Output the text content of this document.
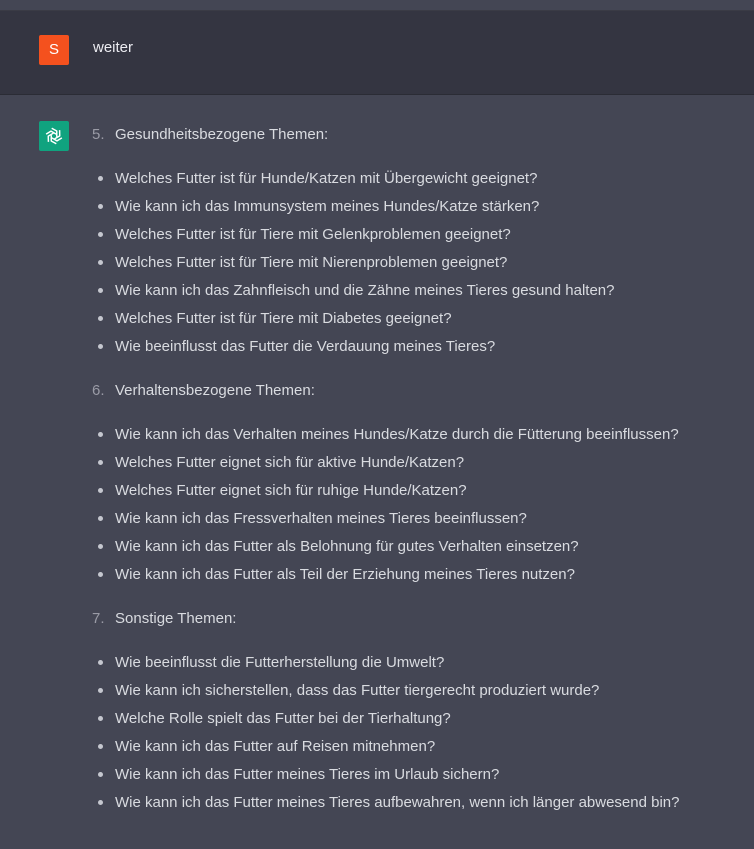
S	weiter
5. Gesundheitsbezogene Themen:
Welches Futter ist für Hunde/Katzen mit Übergewicht geeignet?
Wie kann ich das Immunsystem meines Hundes/Katze stärken?
Welches Futter ist für Tiere mit Gelenkproblemen geeignet?
Welches Futter ist für Tiere mit Nierenproblemen geeignet?
Wie kann ich das Zahnfleisch und die Zähne meines Tieres gesund halten?
Welches Futter ist für Tiere mit Diabetes geeignet?
Wie beeinflusst das Futter die Verdauung meines Tieres?
6. Verhaltensbezogene Themen:
Wie kann ich das Verhalten meines Hundes/Katze durch die Fütterung beeinflussen?
Welches Futter eignet sich für aktive Hunde/Katzen?
Welches Futter eignet sich für ruhige Hunde/Katzen?
Wie kann ich das Fressverhalten meines Tieres beeinflussen?
Wie kann ich das Futter als Belohnung für gutes Verhalten einsetzen?
Wie kann ich das Futter als Teil der Erziehung meines Tieres nutzen?
7. Sonstige Themen:
Wie beeinflusst die Futterherstellung die Umwelt?
Wie kann ich sicherstellen, dass das Futter tiergerecht produziert wurde?
Welche Rolle spielt das Futter bei der Tierhaltung?
Wie kann ich das Futter auf Reisen mitnehmen?
Wie kann ich das Futter meines Tieres im Urlaub sichern?
Wie kann ich das Futter meines Tieres aufbewahren, wenn ich länger abwesend bin?
